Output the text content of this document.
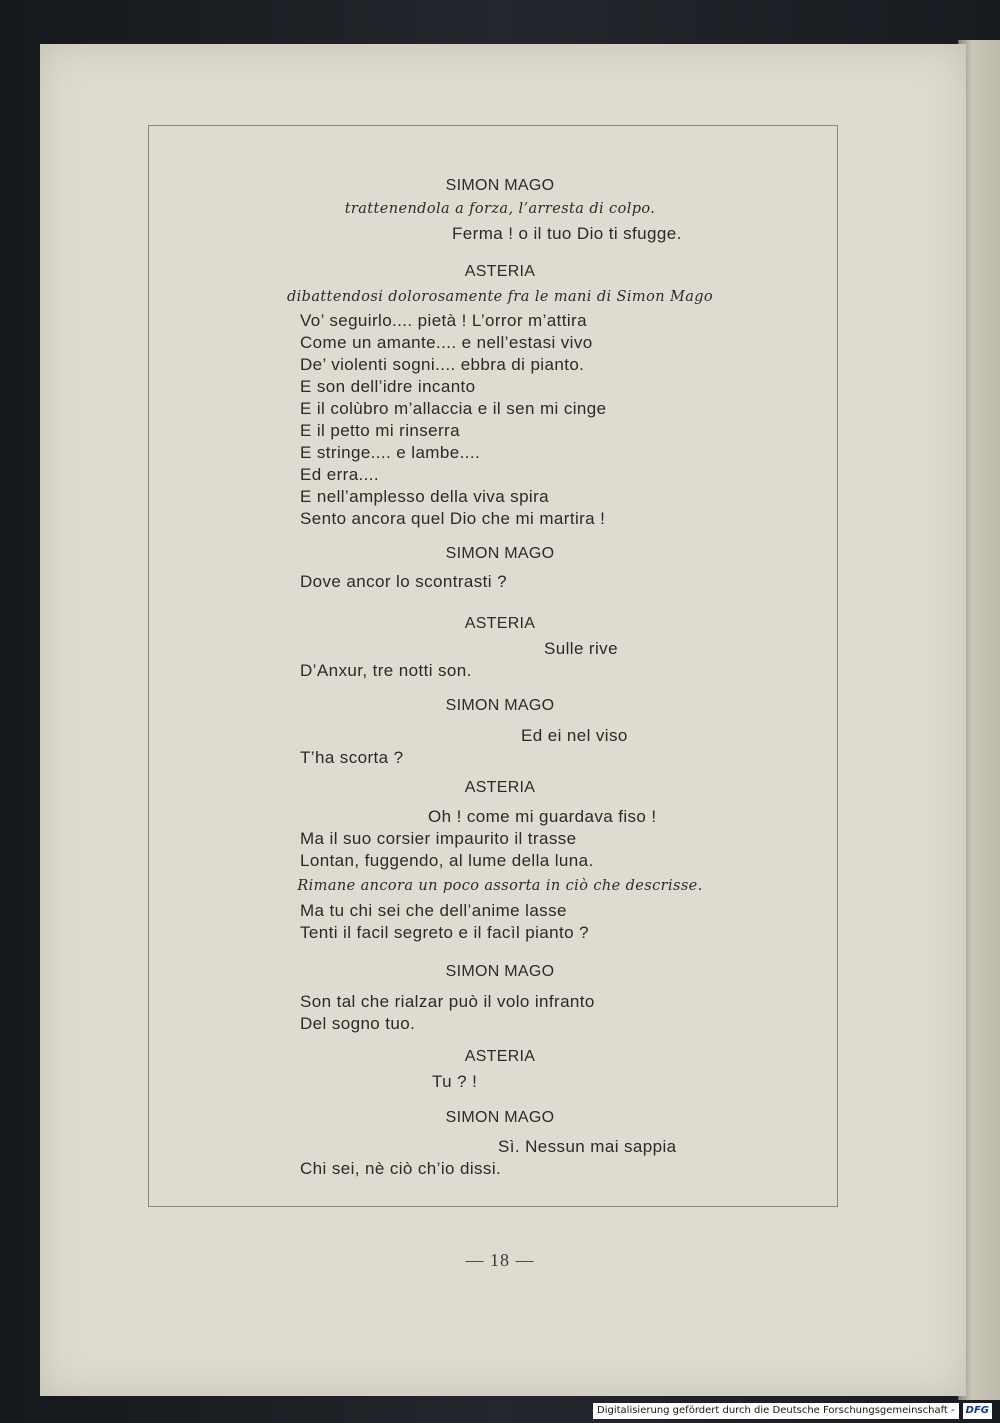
SIMON MAGO
trattenendola a forza, l’arresta di colpo.
Ferma ! o il tuo Dio ti sfugge.
ASTERIA
dibattendosi dolorosamente fra le mani di Simon Mago
Vo’ seguirlo.... pietà ! L’orror m’attira
Come un amante.... e nell’estasi vivo
De’ violenti sogni.... ebbra di pianto.
E son dell’idre incanto
E il colùbro m’allaccia e il sen mi cinge
E il petto mi rinserra
E stringe.... e lambe....
Ed erra....
E nell’amplesso della viva spira
Sento ancora quel Dio che mi martira !
SIMON MAGO
Dove ancor lo scontrasti ?
ASTERIA
Sulle rive
D’Anxur, tre notti son.
SIMON MAGO
Ed ei nel viso
T’ha scorta ?
ASTERIA
Oh ! come mi guardava fiso !
Ma il suo corsier impaurito il trasse
Lontan, fuggendo, al lume della luna.
Rimane ancora un poco assorta in ciò che descrisse.
Ma tu chi sei che dell’anime lasse
Tenti il facil segreto e il facìl pianto ?
SIMON MAGO
Son tal che rialzar può il volo infranto
Del sogno tuo.
ASTERIA
Tu ? !
SIMON MAGO
Sì. Nessun mai sappia
Chi sei, nè ciò ch’io dissi.
— 18 —
Digitalisierung gefördert durch die Deutsche Forschungsgemeinschaft -	DFG
